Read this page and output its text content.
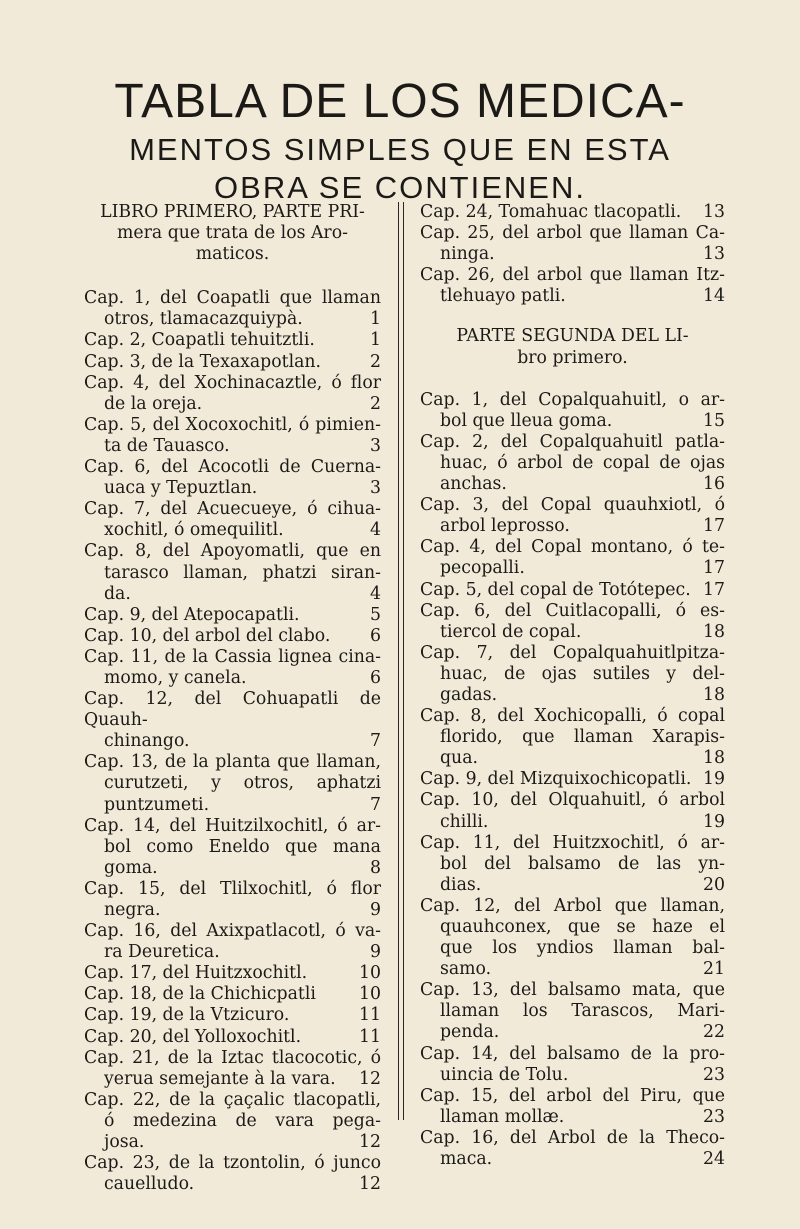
TABLA DE LOS MEDICA-
MENTOS SIMPLES QUE EN ESTA
OBRA SE CONTIENEN.
LIBRO PRIMERO, PARTE PRI-
mera que trata de los Aro-
maticos.
Cap. 1, del Coapatli que llaman
1
otros, tlamacazquiypà.
1
Cap. 2, Coapatli tehuitztli.
2
Cap. 3, de la Texaxapotlan.
Cap. 4, del Xochinacaztle, ó flor
2
de la oreja.
Cap. 5, del Xocoxochitl, ó pimien-
3
ta de Tauasco.
Cap. 6, del Acocotli de Cuerna-
3
uaca y Tepuztlan.
Cap. 7, del Acuecueye, ó cihua-
4
xochitl, ó omequilitl.
Cap. 8, del Apoyomatli, que en
tarasco llaman, phatzi siran-
4
da.
5
Cap. 9, del Atepocapatli.
6
Cap. 10, del arbol del clabo.
Cap. 11, de la Cassia lignea cina-
6
momo, y canela.
Cap. 12, del Cohuapatli de Quauh-
7
chinango.
Cap. 13, de la planta que llaman,
curutzeti, y otros, aphatzi
7
puntzumeti.
Cap. 14, del Huitzilxochitl, ó ar-
bol como Eneldo que mana
8
goma.
Cap. 15, del Tlilxochitl, ó flor
9
negra.
Cap. 16, del Axixpatlacotl, ó va-
9
ra Deuretica.
10
Cap. 17, del Huitzxochitl.
10
Cap. 18, de la Chichicpatli
11
Cap. 19, de la Vtzicuro.
11
Cap. 20, del Yolloxochitl.
Cap. 21, de la Iztac tlacocotic, ó
12
yerua semejante à la vara.
Cap. 22, de la çaçalic tlacopatli,
ó medezina de vara pega-
12
josa.
Cap. 23, de la tzontolin, ó junco
12
cauelludo.
13
Cap. 24, Tomahuac tlacopatli.
Cap. 25, del arbol que llaman Ca-
13
ninga.
Cap. 26, del arbol que llaman Itz-
14
tlehuayo patli.
PARTE SEGUNDA DEL LI-
bro primero.
Cap. 1, del Copalquahuitl, o ar-
15
bol que lleua goma.
Cap. 2, del Copalquahuitl patla-
huac, ó arbol de copal de ojas
16
anchas.
Cap. 3, del Copal quauhxiotl, ó
17
arbol leprosso.
Cap. 4, del Copal montano, ó te-
17
pecopalli.
17
Cap. 5, del copal de Totótepec.
Cap. 6, del Cuitlacopalli, ó es-
18
tiercol de copal.
Cap. 7, del Copalquahuitlpitza-
huac, de ojas sutiles y del-
18
gadas.
Cap. 8, del Xochicopalli, ó copal
florido, que llaman Xarapis-
18
qua.
19
Cap. 9, del Mizquixochicopatli.
Cap. 10, del Olquahuitl, ó arbol
19
chilli.
Cap. 11, del Huitzxochitl, ó ar-
bol del balsamo de las yn-
20
dias.
Cap. 12, del Arbol que llaman,
quauhconex, que se haze el
que los yndios llaman bal-
21
samo.
Cap. 13, del balsamo mata, que
llaman los Tarascos, Mari-
22
penda.
Cap. 14, del balsamo de la pro-
23
uincia de Tolu.
Cap. 15, del arbol del Piru, que
23
llaman mollæ.
Cap. 16, del Arbol de la Theco-
24
maca.
